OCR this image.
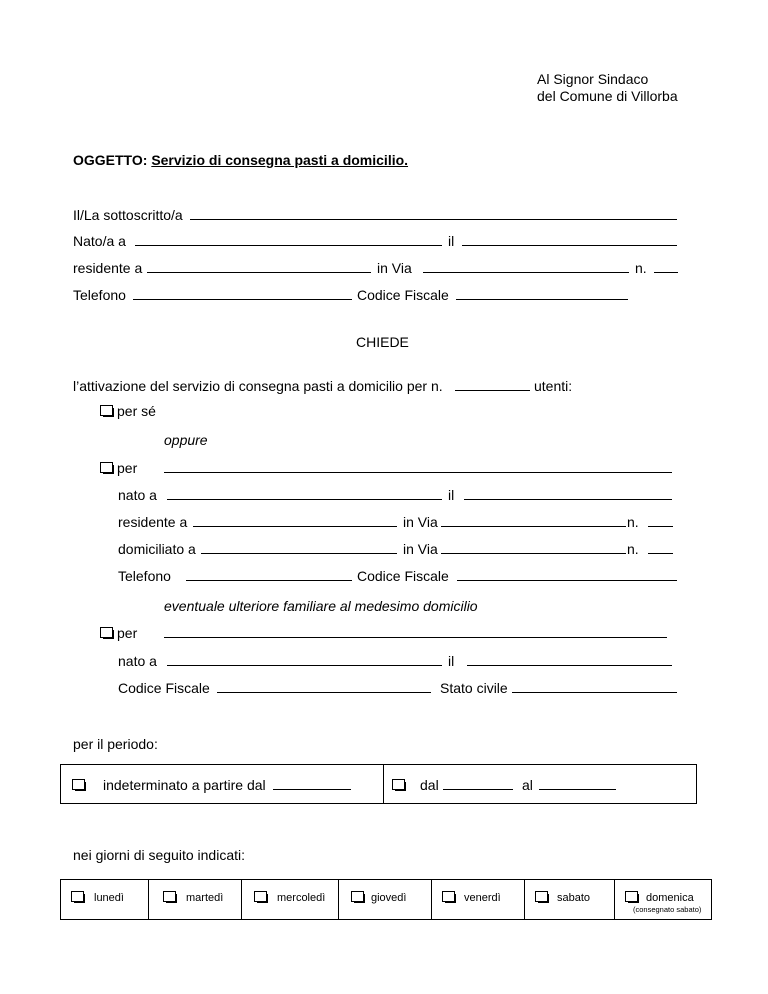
Al Signor Sindaco
del Comune di Villorba
OGGETTO: Servizio di consegna pasti a domicilio.
Il/La sottoscritto/a
Nato/a a	il
residente a	in Via	n.
Telefono	Codice Fiscale
CHIEDE
l’attivazione del servizio di consegna pasti a domicilio per n.	utenti:
per sé
oppure
per
nato a	il
residente a	in Via	n.
domiciliato a	in Via	n.
Telefono	Codice Fiscale
eventuale ulteriore familiare al medesimo domicilio
per
nato a	il
Codice Fiscale	Stato civile
per il periodo:
indeterminato a partire dal	dal	al
nei giorni di seguito indicati:
lunedì	martedì	mercoledì	giovedì	venerdì	sabato	domenica
(consegnato sabato)
